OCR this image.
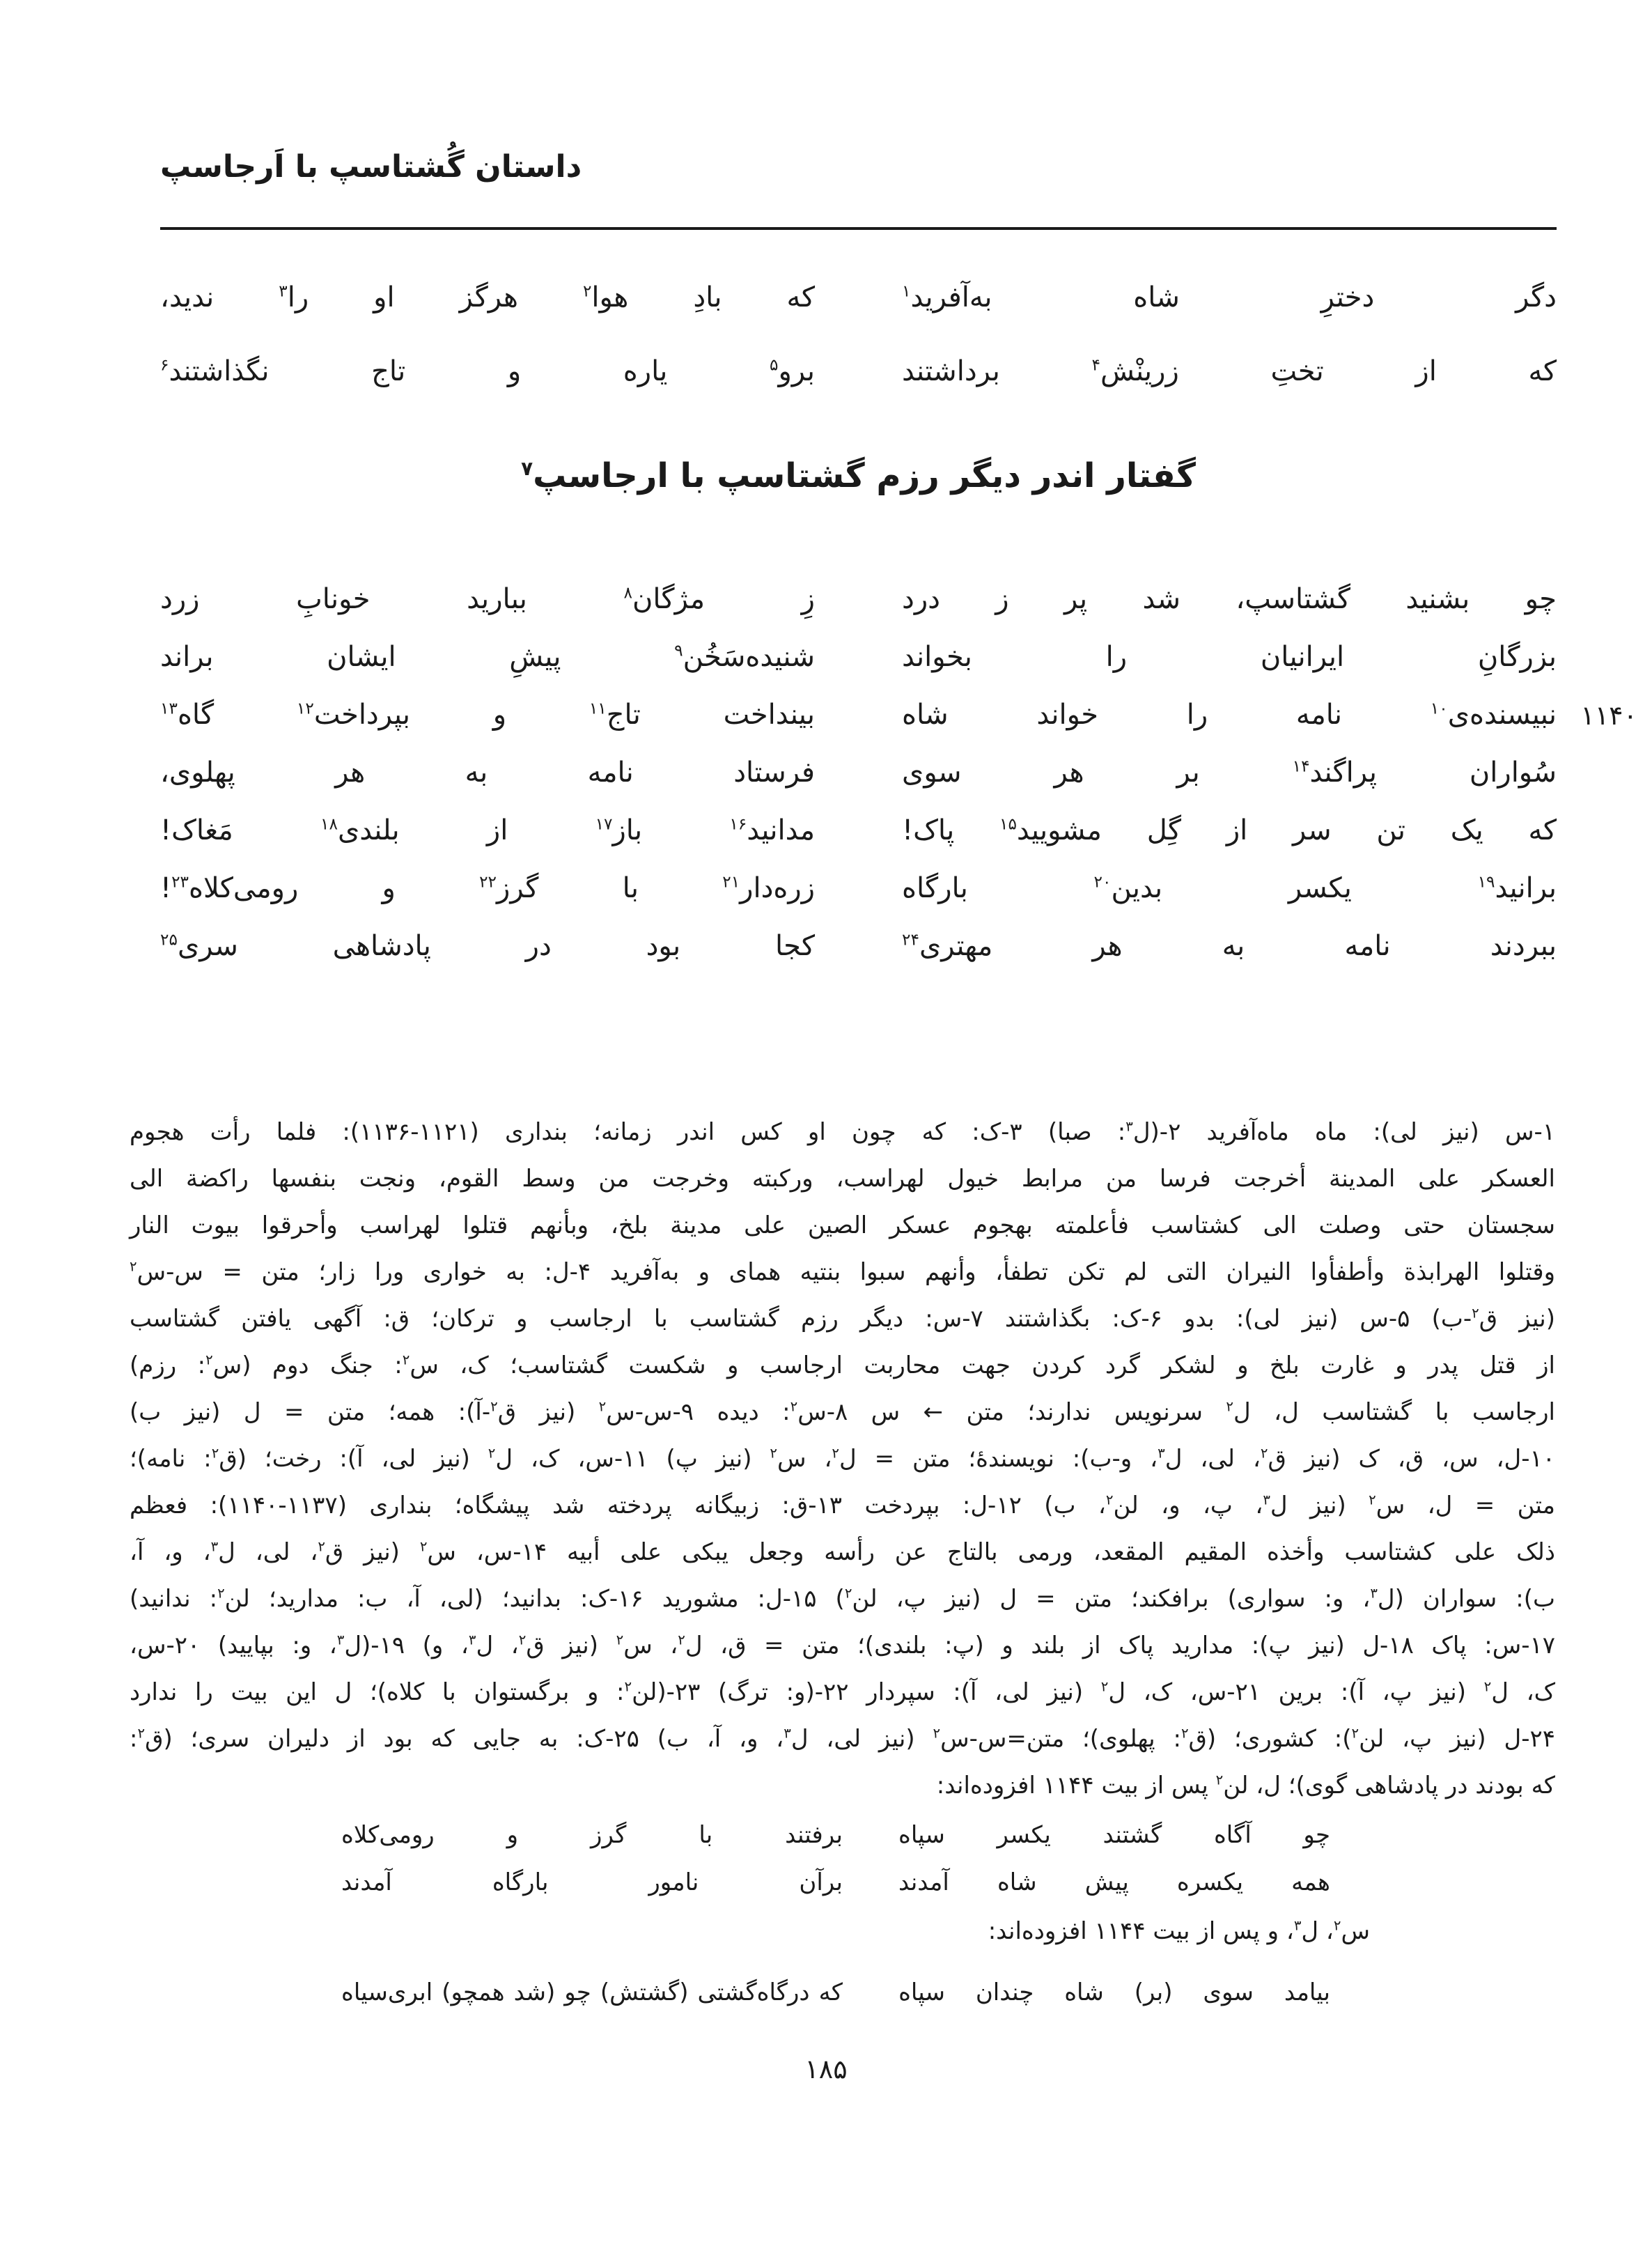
داستان گُشتاسپ با اَرجاسپ
دگر
دخترِ
شاه
به‌آفرید$^۱$
که
بادِ
هوا$^۲$
هرگز
او
را$^۳$
ندید،
که
از
تختِ
زرینْش$^۴$
برداشتند
برو$^۵$
یاره
و
تاج
نگذاشتند$^۶$
گفتار اندر دیگر رزم گشتاسپ با ارجاسپ$^۷$
چو
بشنید
گشتاسپ،
شد
پر
ز
درد
زِ
مژگان$^۸$
ببارید
خونابِ
زرد
بزرگانِ
ایرانیان
را
بخواند
شنیده‌سَخُن$^۹$
پیشِ
ایشان
براند
نبیسنده‌ی$^{۱۰}$
نامه
را
خواند
شاه
بینداخت
تاج$^{۱۱}$
و
بپرداخت$^{۱۲}$
گاه$^{۱۳}$	۱۱۴۰
سُواران
پراگند$^{۱۴}$
بر
هر
سوی
فرستاد
نامه
به
هر
پهلوی،
که
یک
تن
سر
از
گِل
مشویید$^{۱۵}$
پاک!
مدانید$^{۱۶}$
باز$^{۱۷}$
از
بلندی$^{۱۸}$
مَغاک!
برانید$^{۱۹}$
یکسر
بدین$^{۲۰}$
بارگاه
زره‌دار$^{۲۱}$
با
گرز$^{۲۲}$
و
رومی‌کلاه$^{۲۳}$!
ببردند
نامه
به
هر
مهتری$^{۲۴}$
کجا
بود
در
پادشاهی
سری$^{۲۵}$
۱-س (نیز لی): ماه ماه‌آفرید ۲-(ل$^۳$: صبا) ۳-ک: که چون او کس اندر زمانه؛ بنداری (۱۱۲۱-۱۱۳۶): فلما رأت هجوم
العسکر علی المدینة أخرجت فرسا من مرابط خیول لهراسب، ورکبته وخرجت من وسط القوم، ونجت بنفسها راکضة الی
سجستان حتی وصلت الی کشتاسب فأعلمته بهجوم عسکر الصین علی مدینة بلخ، وبأنهم قتلوا لهراسب وأحرقوا بیوت النار
وقتلوا الهرابذة وأطفأوا النیران التی لم تکن تطفأ، وأنهم سبوا بنتیه همای و به‌آفرید ۴-ل: به خواری ورا زار؛ متن = س-س$^۲$
(نیز ق$^۲$-ب) ۵-س (نیز لی): بدو ۶-ک: بگذاشتند ۷-س: دیگر رزم گشتاسب با ارجاسب و ترکان؛ ق: آگهی یافتن گشتاسب
از قتل پدر و غارت بلخ و لشکر گرد کردن جهت محاربت ارجاسب و شکست گشتاسب؛ ک، س$^۲$: جنگ دوم (س$^۲$: رزم)
ارجاسب با گشتاسب ل، ل$^۲$ سرنویس ندارند؛ متن ← س ۸-س$^۲$: دیده ۹-س-س$^۲$ (نیز ق$^۲$-آ): همه؛ متن = ل (نیز ب)
۱۰-ل، س، ق، ک (نیز ق$^۲$، لی، ل$^۳$، و-ب): نویسندهٔ؛ متن = ل$^۲$، س$^۲$ (نیز پ) ۱۱-س، ک، ل$^۲$ (نیز لی، آ): رخت؛ (ق$^۲$: نامه)؛
متن = ل، س$^۲$ (نیز ل$^۳$، پ، و، لن$^۲$، ب) ۱۲-ل: بپردخت ۱۳-ق: زبیگانه پردخته شد پیشگاه؛ بنداری (۱۱۳۷-۱۱۴۰): فعظم
ذلک علی کشتاسب وأخذه المقیم المقعد، ورمی بالتاج عن رأسه وجعل یبکی علی أبیه ۱۴-س، س$^۲$ (نیز ق$^۲$، لی، ل$^۳$، و، آ،
ب): سواران (ل$^۳$، و: سواری) برافکند؛ متن = ل (نیز پ، لن$^۲$) ۱۵-ل: مشورید ۱۶-ک: بدانید؛ (لی، آ، ب: مدارید؛ لن$^۲$: ندانید)
۱۷-س: پاک ۱۸-ل (نیز پ): مدارید پاک از بلند و (پ: بلندی)؛ متن = ق، ل$^۲$، س$^۲$ (نیز ق$^۲$، ل$^۳$، و) ۱۹-(ل$^۳$، و: بپایید) ۲۰-س،
ک، ل$^۲$ (نیز پ، آ): برین ۲۱-س، ک، ل$^۲$ (نیز لی، آ): سپردار ۲۲-(و: ترگ) ۲۳-(لن$^۲$: و برگستوان با کلاه)؛ ل این بیت را ندارد
۲۴-ل (نیز پ، لن$^۲$): کشوری؛ (ق$^۲$: پهلوی)؛ متن=س-س$^۲$ (نیز لی، ل$^۳$، و، آ، ب) ۲۵-ک: به جایی که بود از دلیران سری؛ (ق$^۲$:
که بودند در پادشاهی گوی)؛ ل، لن$^۲$ پس از بیت ۱۱۴۴ افزوده‌اند:
چو
آگاه
گشتند
یکسر
سپاه
برفتند
با
گرز
و
رومی‌کلاه
همه
یکسره
پیش
شاه
آمدند
برآن
نامور
بارگاه
آمدند
س$^۲$، ل$^۳$، و پس از بیت ۱۱۴۴ افزوده‌اند:
بیامد
سوی
(بر)
شاه
چندان
سپاه
که
درگاه‌گشتی
(گشتش)
چو
(شد
همچو)
ابری‌سیاه
۱۸۵
